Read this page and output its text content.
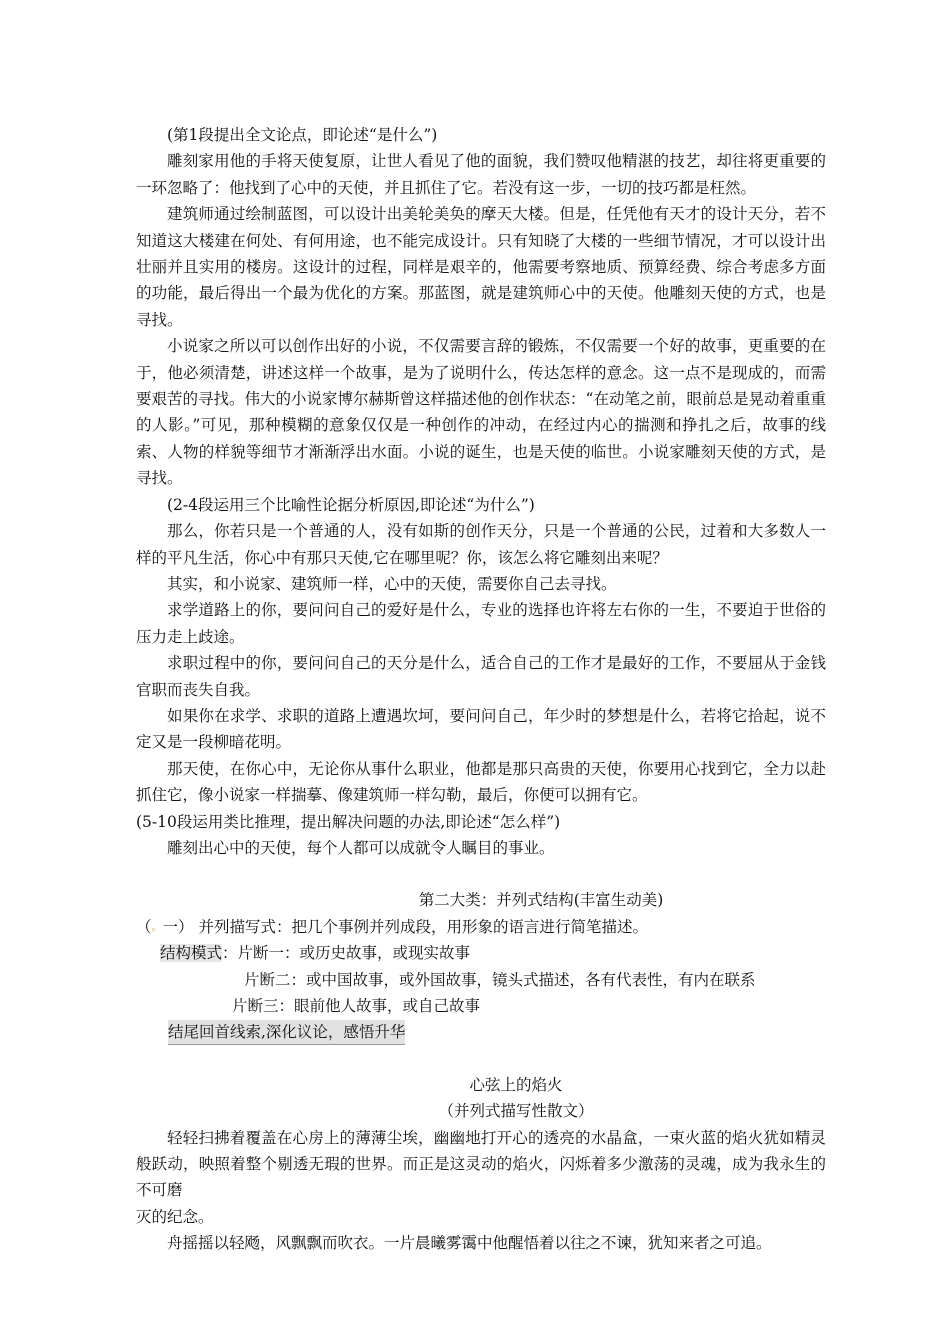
(第1段提出全文论点，即论述“是什么”)

雕刻家用他的手将天使复原，让世人看见了他的面貌，我们赞叹他精湛的技艺，却往将更重要的一环忽略了：他找到了心中的天使，并且抓住了它。若没有这一步，一切的技巧都是枉然。

建筑师通过绘制蓝图，可以设计出美轮美奂的摩天大楼。但是，任凭他有天才的设计天分，若不知道这大楼建在何处、有何用途，也不能完成设计。只有知晓了大楼的一些细节情况，才可以设计出壮丽并且实用的楼房。这设计的过程，同样是艰辛的，他需要考察地质、预算经费、综合考虑多方面的功能，最后得出一个最为优化的方案。那蓝图，就是建筑师心中的天使。他雕刻天使的方式，也是寻找。

小说家之所以可以创作出好的小说，不仅需要言辞的锻炼，不仅需要一个好的故事，更重要的在于，他必须清楚，讲述这样一个故事，是为了说明什么，传达怎样的意念。这一点不是现成的，而需要艰苦的寻找。伟大的小说家博尔赫斯曾这样描述他的创作状态：“在动笔之前，眼前总是晃动着重重的人影。”可见，那种模糊的意象仅仅是一种创作的冲动，在经过内心的揣测和挣扎之后，故事的线索、人物的样貌等细节才渐渐浮出水面。小说的诞生，也是天使的临世。小说家雕刻天使的方式，是寻找。

(2-4段运用三个比喻性论据分析原因,即论述“为什么”)

那么，你若只是一个普通的人，没有如斯的创作天分，只是一个普通的公民，过着和大多数人一样的平凡生活，你心中有那只天使,它在哪里呢？你，该怎么将它雕刻出来呢？

其实，和小说家、建筑师一样，心中的天使，需要你自己去寻找。

求学道路上的你，要问问自己的爱好是什么，专业的选择也许将左右你的一生，不要迫于世俗的压力走上歧途。

求职过程中的你，要问问自己的天分是什么，适合自己的工作才是最好的工作，不要屈从于金钱官职而丧失自我。

如果你在求学、求职的道路上遭遇坎坷，要问问自己，年少时的梦想是什么，若将它拾起，说不定又是一段柳暗花明。

那天使，在你心中，无论你从事什么职业，他都是那只高贵的天使，你要用心找到它，全力以赴抓住它，像小说家一样揣摹、像建筑师一样勾勒，最后，你便可以拥有它。

(5-10段运用类比推理，提出解决问题的办法,即论述“怎么样”)

雕刻出心中的天使，每个人都可以成就令人瞩目的事业。

第二大类：并列式结构(丰富生动美)

（。一） 并列描写式：把几个事例并列成段，用形象的语言进行简笔描述。

结构模式：片断一：或历史故事，或现实故事

片断二：或中国故事，或外国故事，镜头式描述，各有代表性，有内在联系

片断三：眼前他人故事，或自己故事

结尾回首线索,深化议论，感悟升华

心弦上的焰火

（并列式描写性散文）

轻轻扫拂着覆盖在心房上的薄薄尘埃，幽幽地打开心的透亮的水晶盒，一束火蓝的焰火犹如精灵般跃动，映照着整个剔透无瑕的世界。而正是这灵动的焰火，闪烁着多少激荡的灵魂，成为我永生的不可磨

灭的纪念。

舟摇摇以轻飏，风飘飘而吹衣。一片晨曦雾霭中他醒悟着以往之不谏，犹知来者之可追。
